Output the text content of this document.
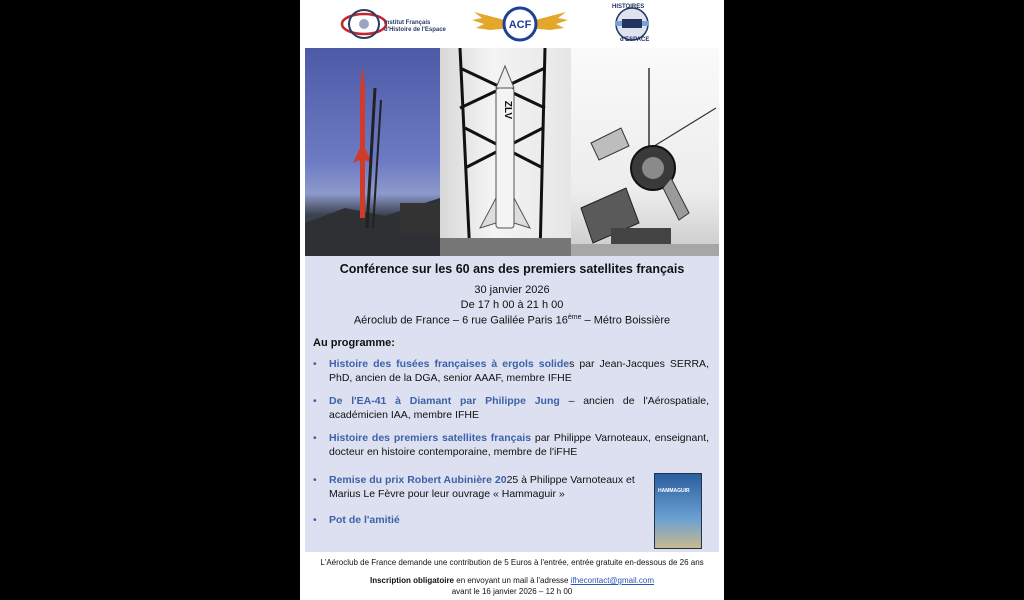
Institut Français
d'Histoire de l'Espace	ACF
HISTOIRES
d'ESPACE
ZLV
Conférence sur les 60 ans des premiers satellites français
30 janvier 2026
De 17 h 00 à 21 h 00
Aéroclub de France – 6 rue Galilée Paris 16ème – Métro Boissière
Au programme:
• Histoire des fusées françaises à ergols solides par Jean-Jacques SERRA, PhD, ancien de la DGA, senior AAAF, membre IFHE
• De l'EA-41 à Diamant par Philippe Jung – ancien de l'Aérospatiale, académicien IAA, membre IFHE
• Histoire des premiers satellites français par Philippe Varnoteaux, enseignant, docteur en histoire contemporaine, membre de l'iFHE
• Remise du prix Robert Aubinière 2025 à Philippe Varnoteaux et Marius Le Fèvre pour leur ouvrage « Hammaguir »
• Pot de l'amitié
HAMMAGUIR
L'Aéroclub de France demande une contribution de 5 Euros à l'entrée, entrée gratuite en-dessous de 26 ans
Inscription obligatoire en envoyant un mail à l'adresse ifhecontact@gmail.com
avant le 16 janvier 2026 – 12 h 00
